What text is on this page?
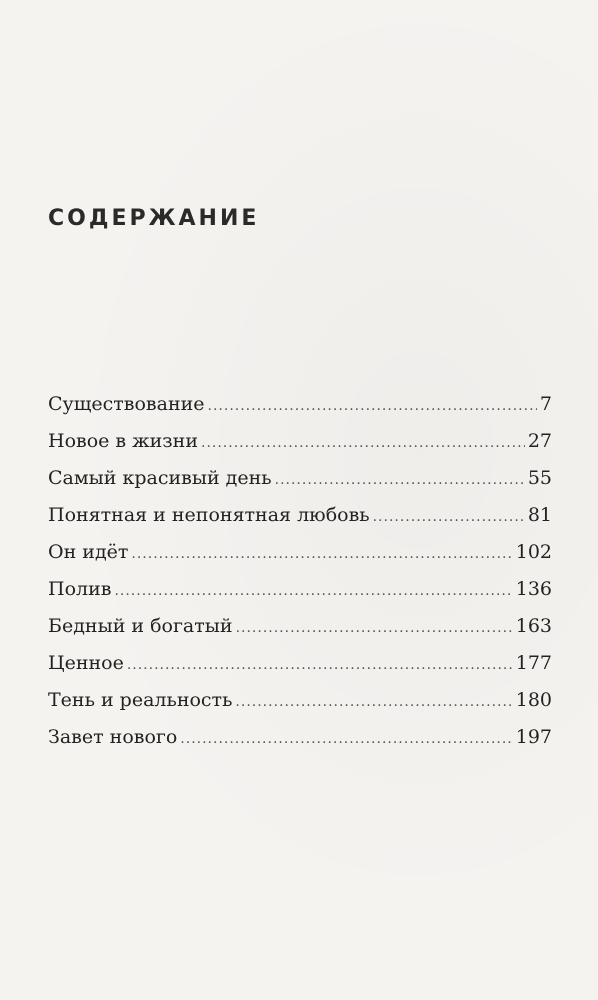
СОДЕРЖАНИЕ
Существование .....	7
Новое в жизни .....	27
Самый красивый день .....	55
Понятная и непонятная любовь .....	81
Он идёт .....	102
Полив .....	136
Бедный и богатый .....	163
Ценное .....	177
Тень и реальность .....	180
Завет нового .....	197
